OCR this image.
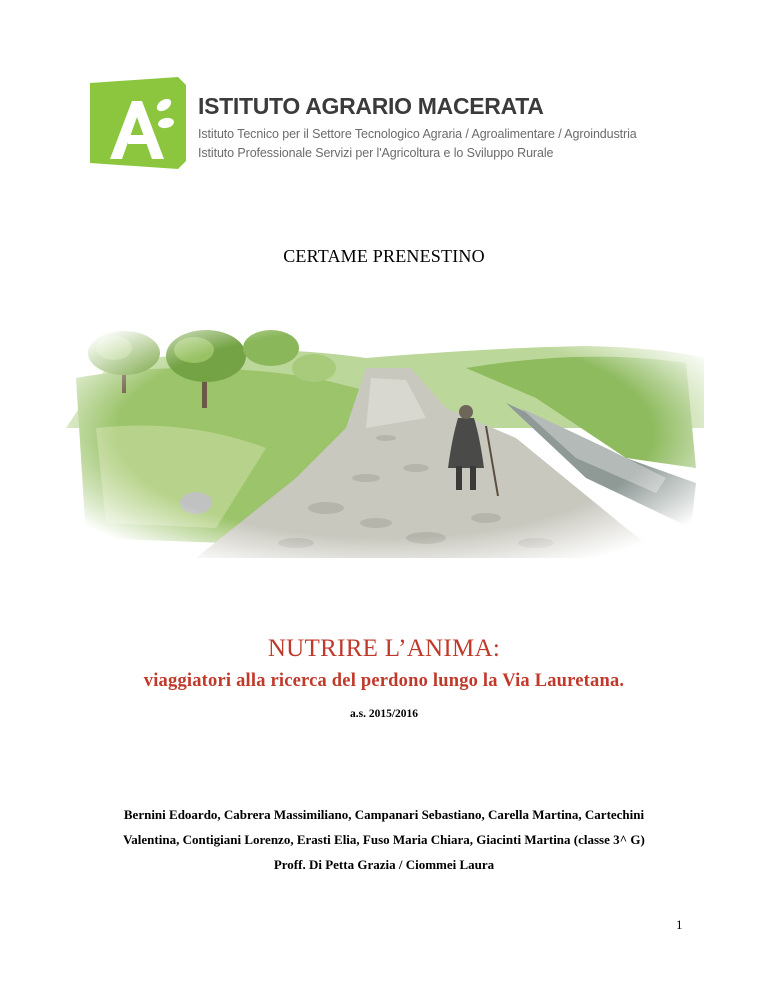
ISTITUTO AGRARIO MACERATA
Istituto Tecnico per il Settore Tecnologico Agraria / Agroalimentare / Agroindustria
Istituto Professionale Servizi per l'Agricoltura e lo Sviluppo Rurale
CERTAME PRENESTINO
NUTRIRE L’ANIMA:
viaggiatori alla ricerca del perdono lungo la Via Lauretana.
a.s. 2015/2016
Bernini Edoardo, Cabrera Massimiliano, Campanari Sebastiano, Carella Martina, Cartechini
Valentina, Contigiani Lorenzo, Erasti Elia, Fuso Maria Chiara, Giacinti Martina (classe 3^ G)
Proff. Di Petta Grazia / Ciommei Laura
1
